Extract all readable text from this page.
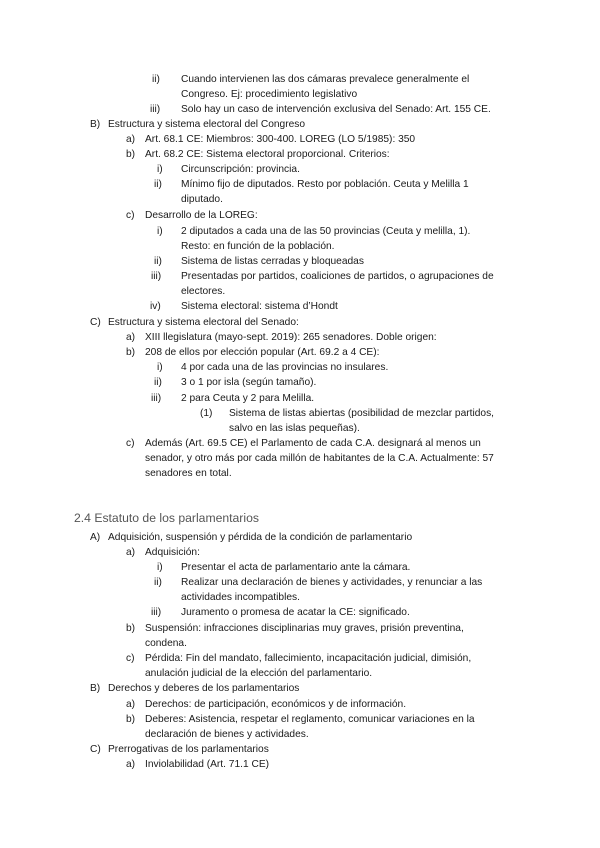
ii) Cuando intervienen las dos cámaras prevalece generalmente el
Congreso. Ej: procedimiento legislativo
iii) Solo hay un caso de intervención exclusiva del Senado: Art. 155 CE.
B) Estructura y sistema electoral del Congreso
a) Art. 68.1 CE: Miembros: 300-400. LOREG (LO 5/1985): 350
b) Art. 68.2 CE: Sistema electoral proporcional. Criterios:
i) Circunscripción: provincia.
ii) Mínimo fijo de diputados. Resto por población. Ceuta y Melilla 1
diputado.
c) Desarrollo de la LOREG:
i) 2 diputados a cada una de las 50 provincias (Ceuta y melilla, 1).
Resto: en función de la población.
ii) Sistema de listas cerradas y bloqueadas
iii) Presentadas por partidos, coaliciones de partidos, o agrupaciones de
electores.
iv) Sistema electoral: sistema d’Hondt
C) Estructura y sistema electoral del Senado:
a) XIII llegislatura (mayo-sept. 2019): 265 senadores. Doble origen:
b) 208 de ellos por elección popular (Art. 69.2 a 4 CE):
i) 4 por cada una de las provincias no insulares.
ii) 3 o 1 por isla (según tamaño).
iii) 2 para Ceuta y 2 para Melilla.
(1) Sistema de listas abiertas (posibilidad de mezclar partidos,
salvo en las islas pequeñas).
c) Además (Art. 69.5 CE) el Parlamento de cada C.A. designará al menos un
senador, y otro más por cada millón de habitantes de la C.A. Actualmente: 57
senadores en total.
2.4 Estatuto de los parlamentarios
A) Adquisición, suspensión y pérdida de la condición de parlamentario
a) Adquisición:
i) Presentar el acta de parlamentario ante la cámara.
ii) Realizar una declaración de bienes y actividades, y renunciar a las
actividades incompatibles.
iii) Juramento o promesa de acatar la CE: significado.
b) Suspensión: infracciones disciplinarias muy graves, prisión preventina,
condena.
c) Pérdida: Fin del mandato, fallecimiento, incapacitación judicial, dimisión,
anulación judicial de la elección del parlamentario.
B) Derechos y deberes de los parlamentarios
a) Derechos: de participación, económicos y de información.
b) Deberes: Asistencia, respetar el reglamento, comunicar variaciones en la
declaración de bienes y actividades.
C) Prerrogativas de los parlamentarios
a) Inviolabilidad (Art. 71.1 CE)
